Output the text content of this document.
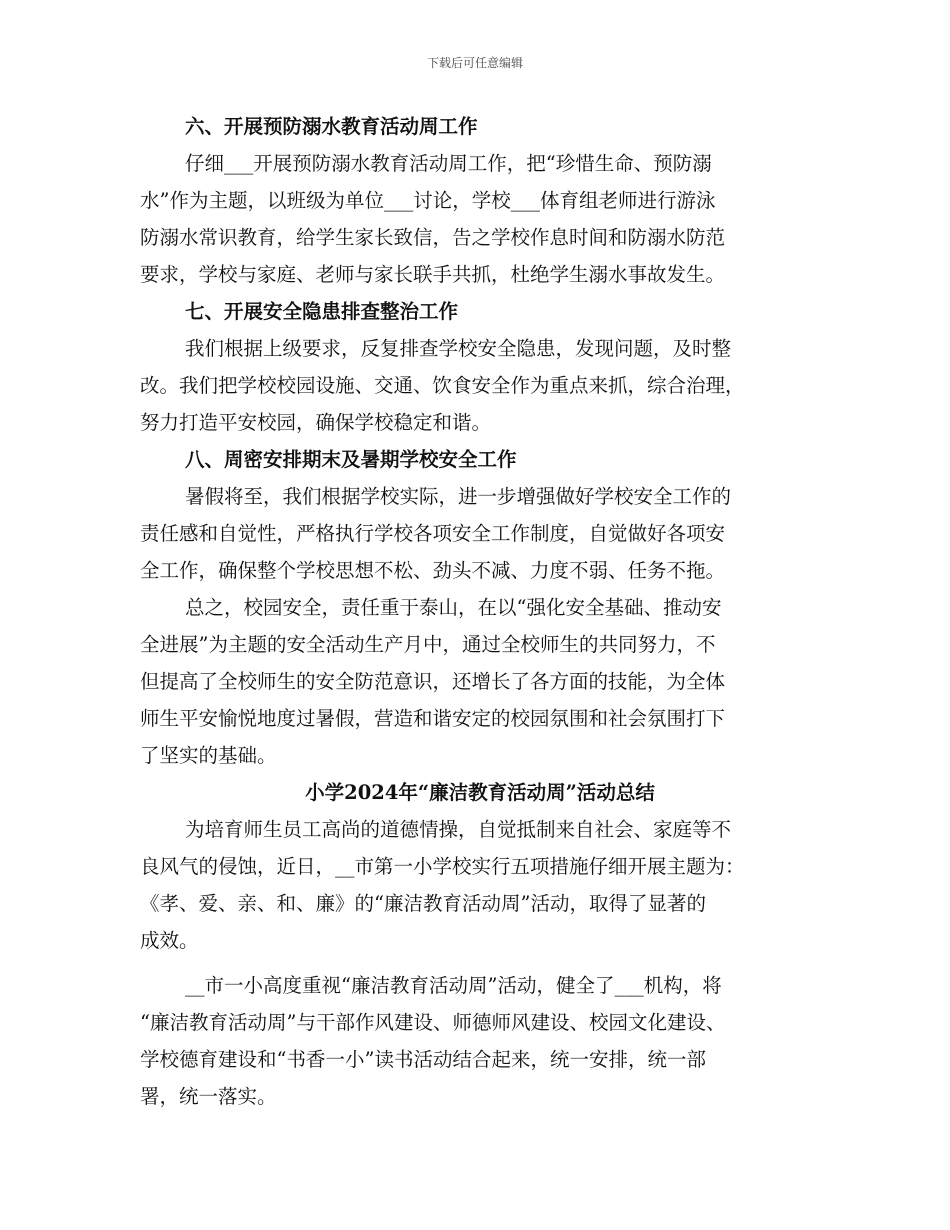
下载后可任意编辑
六、开展预防溺水教育活动周工作
仔细___开展预防溺水教育活动周工作，把“珍惜生命、预防溺
水”作为主题，以班级为单位___讨论，学校___体育组老师进行游泳
防溺水常识教育，给学生家长致信，告之学校作息时间和防溺水防范
要求，学校与家庭、老师与家长联手共抓，杜绝学生溺水事故发生。
七、开展安全隐患排查整治工作
我们根据上级要求，反复排查学校安全隐患，发现问题，及时整
改。我们把学校校园设施、交通、饮食安全作为重点来抓，综合治理，
努力打造平安校园，确保学校稳定和谐。
八、周密安排期末及暑期学校安全工作
暑假将至，我们根据学校实际，进一步增强做好学校安全工作的
责任感和自觉性，严格执行学校各项安全工作制度，自觉做好各项安
全工作，确保整个学校思想不松、劲头不减、力度不弱、任务不拖。
总之，校园安全，责任重于泰山，在以“强化安全基础、推动安
全进展”为主题的安全活动生产月中，通过全校师生的共同努力，不
但提高了全校师生的安全防范意识，还增长了各方面的技能，为全体
师生平安愉悦地度过暑假，营造和谐安定的校园氛围和社会氛围打下
了坚实的基础。
小学2024年“廉洁教育活动周”活动总结
为培育师生员工高尚的道德情操，自觉抵制来自社会、家庭等不
良风气的侵蚀，近日，__市第一小学校实行五项措施仔细开展主题为：
《孝、爱、亲、和、廉》的“廉洁教育活动周”活动，取得了显著的
成效。
__市一小高度重视“廉洁教育活动周”活动，健全了___机构，将
“廉洁教育活动周”与干部作风建设、师德师风建设、校园文化建设、
学校德育建设和“书香一小”读书活动结合起来，统一安排，统一部
署，统一落实。
